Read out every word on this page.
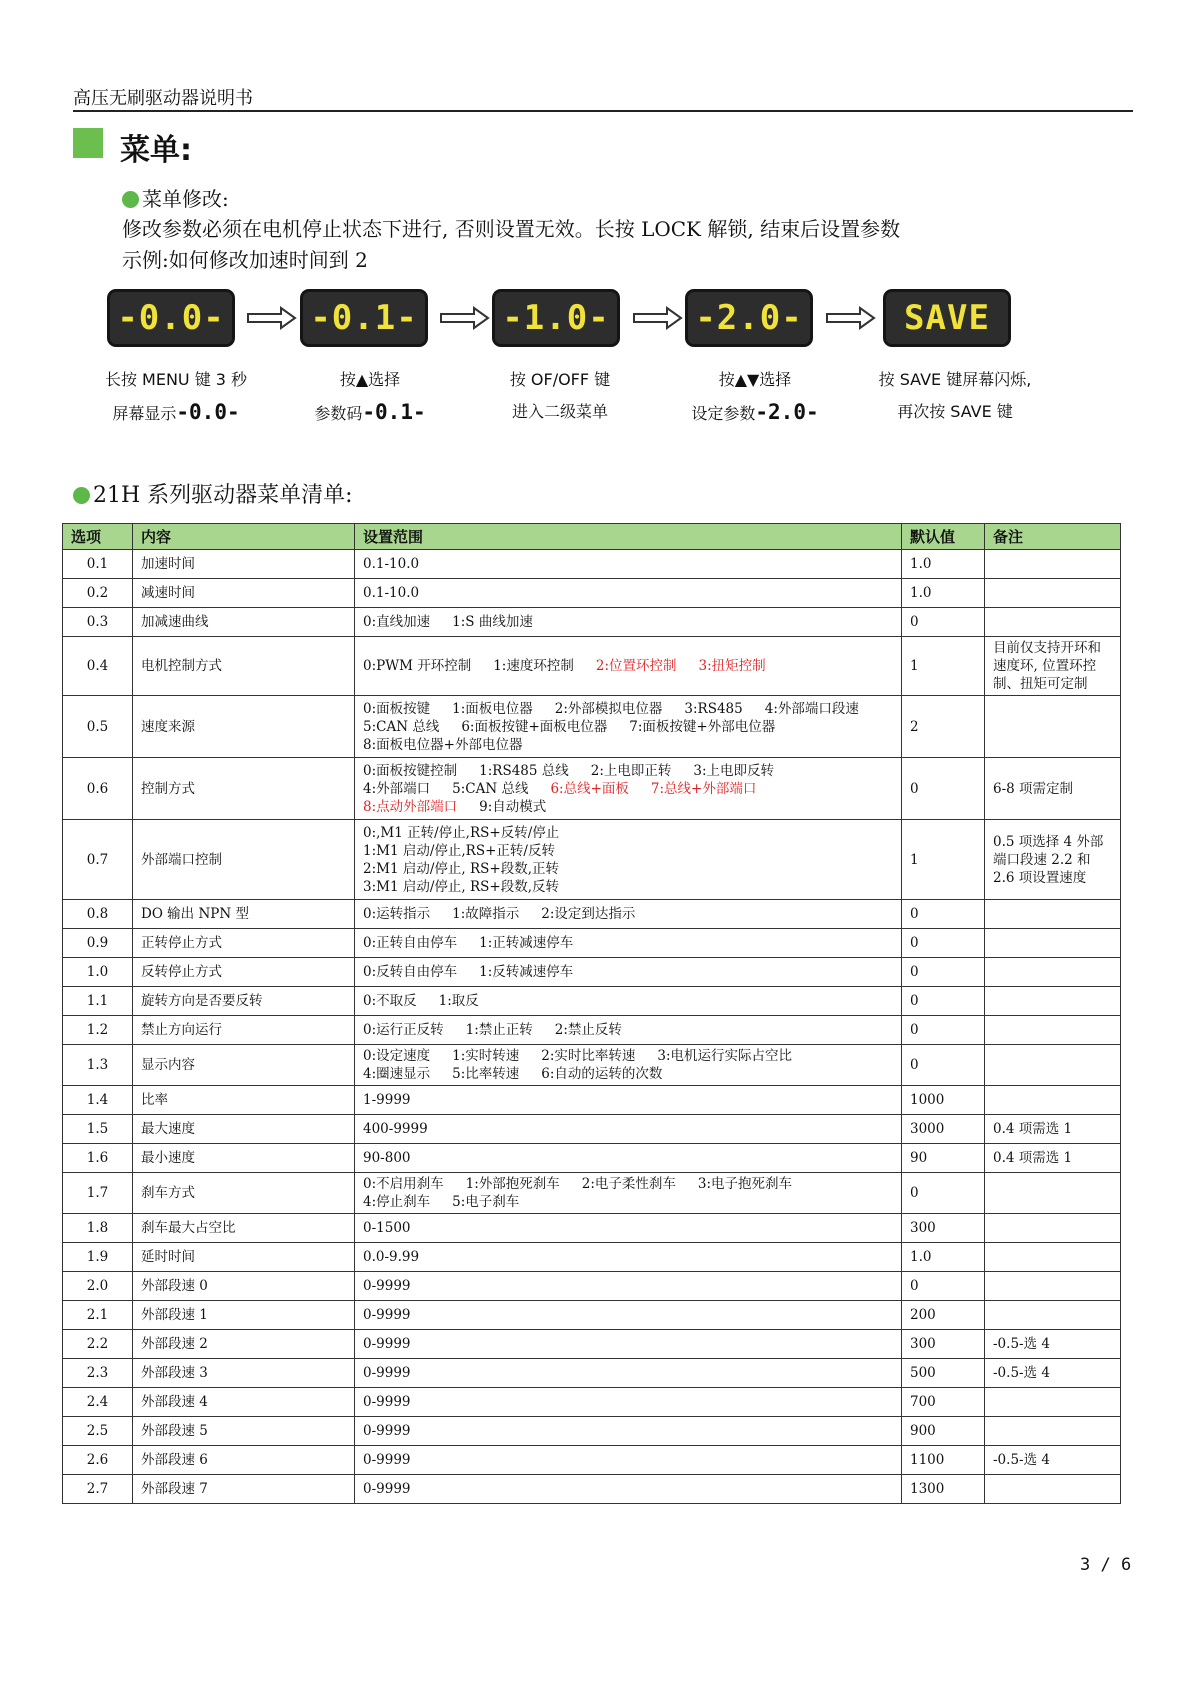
高压无刷驱动器说明书
菜单:
菜单修改:
修改参数必须在电机停止状态下进行, 否则设置无效。长按 LOCK 解锁, 结束后设置参数
示例:如何修改加速时间到 2
-0.0-
长按 MENU 键 3 秒
屏幕显示-0.0-
-0.1-
按▲选择
参数码-0.1-
-1.0-
按 OF/OFF 键
进入二级菜单
-2.0-
按▲▼选择
设定参数-2.0-
SAVE
按 SAVE 键屏幕闪烁,
再次按 SAVE 键
21H 系列驱动器菜单清单:
选项	内容	设置范围	默认值	备注
0.1	加速时间	0.1-10.0	1.0	
0.2	减速时间	0.1-10.0	1.0	
0.3	加减速曲线	0:直线加速 1:S 曲线加速	0	
0.4	电机控制方式	0:PWM 开环控制 1:速度环控制 2:位置环控制 3:扭矩控制	1	目前仅支持开环和速度环, 位置环控制、扭矩可定制
0.5	速度来源	0:面板按键 1:面板电位器 2:外部模拟电位器 3:RS485 4:外部端口段速
5:CAN 总线 6:面板按键+面板电位器 7:面板按键+外部电位器
8:面板电位器+外部电位器	2	
0.6	控制方式	0:面板按键控制 1:RS485 总线 2:上电即正转 3:上电即反转
4:外部端口 5:CAN 总线 6:总线+面板 7:总线+外部端口
8:点动外部端口 9:自动模式	0	6-8 项需定制
0.7	外部端口控制	0:,M1 正转/停止,RS+反转/停止
1:M1 启动/停止,RS+正转/反转
2:M1 启动/停止, RS+段数,正转
3:M1 启动/停止, RS+段数,反转	1	0.5 项选择 4 外部端口段速 2.2 和 2.6 项设置速度
0.8	DO 输出 NPN 型	0:运转指示 1:故障指示 2:设定到达指示	0	
0.9	正转停止方式	0:正转自由停车 1:正转减速停车	0	
1.0	反转停止方式	0:反转自由停车 1:反转减速停车	0	
1.1	旋转方向是否要反转	0:不取反 1:取反	0	
1.2	禁止方向运行	0:运行正反转 1:禁止正转 2:禁止反转	0	
1.3	显示内容	0:设定速度 1:实时转速 2:实时比率转速 3:电机运行实际占空比
4:圈速显示 5:比率转速 6:自动的运转的次数	0	
1.4	比率	1-9999	1000	
1.5	最大速度	400-9999	3000	0.4 项需选 1
1.6	最小速度	90-800	90	0.4 项需选 1
1.7	刹车方式	0:不启用刹车 1:外部抱死刹车 2:电子柔性刹车 3:电子抱死刹车
4:停止刹车 5:电子刹车	0	
1.8	刹车最大占空比	0-1500	300	
1.9	延时时间	0.0-9.99	1.0	
2.0	外部段速 0	0-9999	0	
2.1	外部段速 1	0-9999	200	
2.2	外部段速 2	0-9999	300	-0.5-选 4
2.3	外部段速 3	0-9999	500	-0.5-选 4
2.4	外部段速 4	0-9999	700	
2.5	外部段速 5	0-9999	900	
2.6	外部段速 6	0-9999	1100	-0.5-选 4
2.7	外部段速 7	0-9999	1300	
3 / 6
